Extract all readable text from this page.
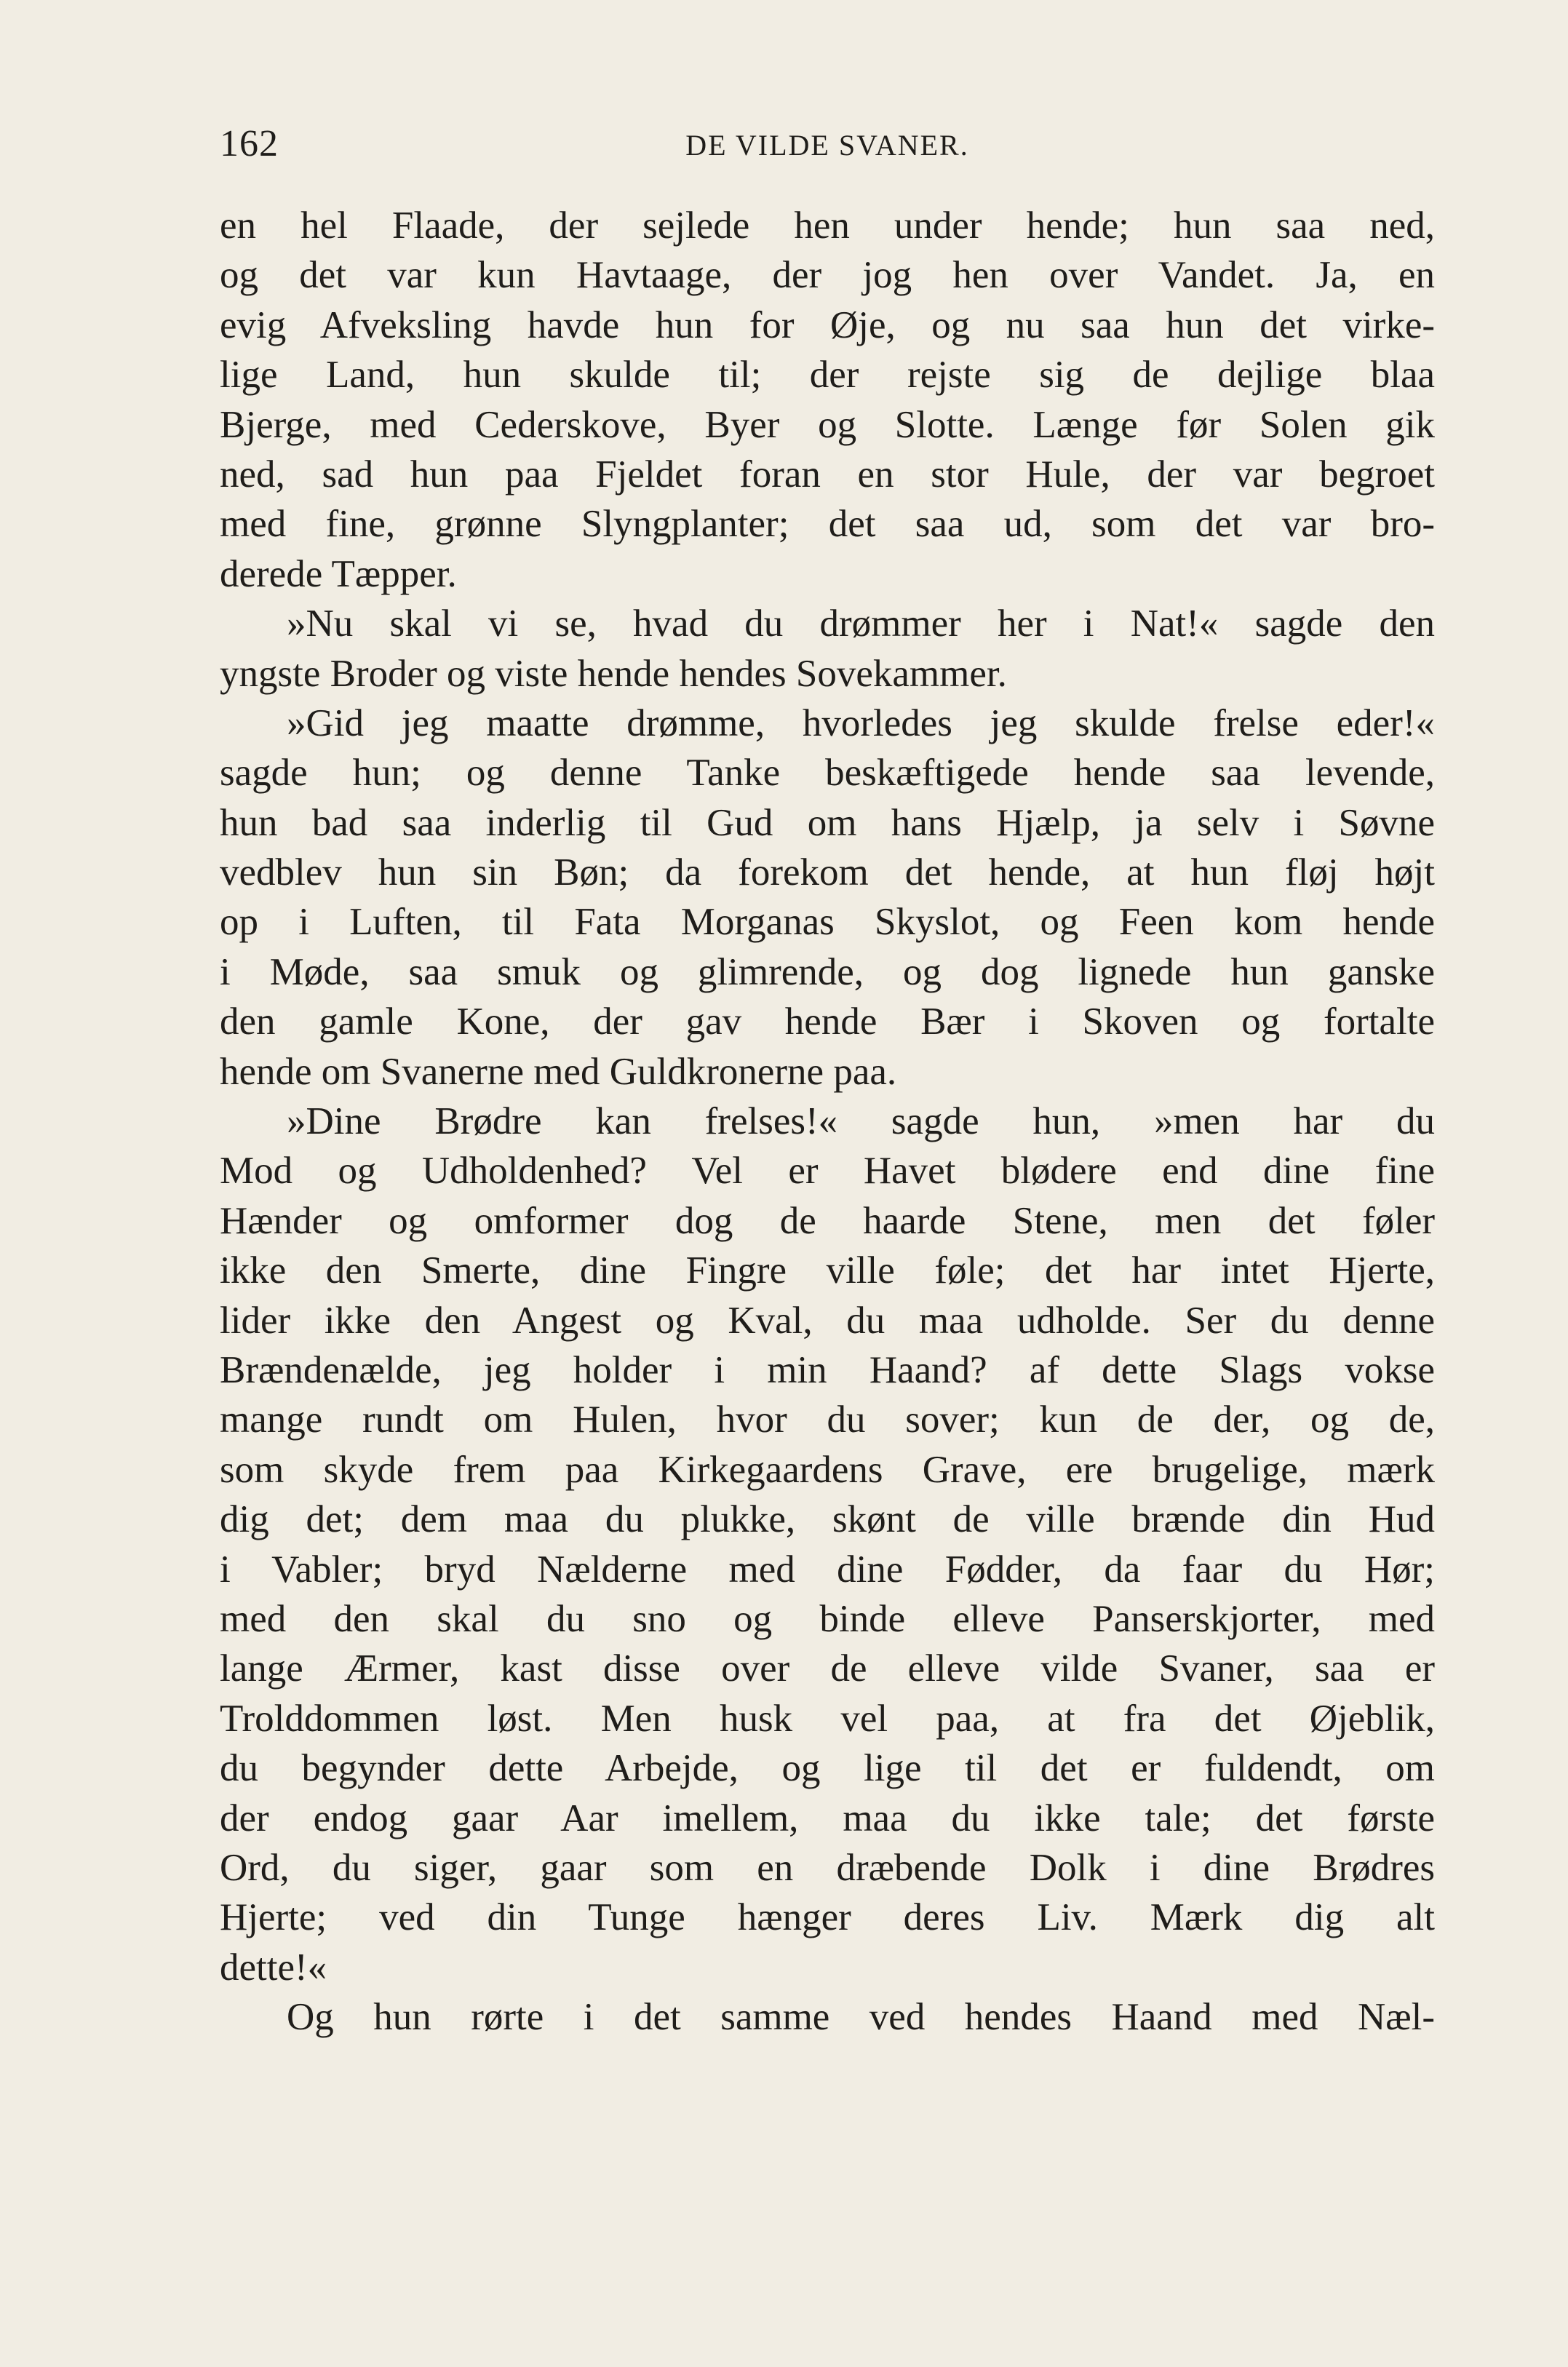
162	DE VILDE SVANER.
en hel Flaade, der sejlede hen under hende; hun saa ned,
og det var kun Havtaage, der jog hen over Vandet. Ja, en
evig Afveksling havde hun for Øje, og nu saa hun det virke-
lige Land, hun skulde til; der rejste sig de dejlige blaa
Bjerge, med Cederskove, Byer og Slotte. Længe før Solen gik
ned, sad hun paa Fjeldet foran en stor Hule, der var begroet
med fine, grønne Slyngplanter; det saa ud, som det var bro-
derede Tæpper.
»Nu skal vi se, hvad du drømmer her i Nat!« sagde den
yngste Broder og viste hende hendes Sovekammer.
»Gid jeg maatte drømme, hvorledes jeg skulde frelse eder!«
sagde hun; og denne Tanke beskæftigede hende saa levende,
hun bad saa inderlig til Gud om hans Hjælp, ja selv i Søvne
vedblev hun sin Bøn; da forekom det hende, at hun fløj højt
op i Luften, til Fata Morganas Skyslot, og Feen kom hende
i Møde, saa smuk og glimrende, og dog lignede hun ganske
den gamle Kone, der gav hende Bær i Skoven og fortalte
hende om Svanerne med Guldkronerne paa.
»Dine Brødre kan frelses!« sagde hun, »men har du
Mod og Udholdenhed? Vel er Havet blødere end dine fine
Hænder og omformer dog de haarde Stene, men det føler
ikke den Smerte, dine Fingre ville føle; det har intet Hjerte,
lider ikke den Angest og Kval, du maa udholde. Ser du denne
Brændenælde, jeg holder i min Haand? af dette Slags vokse
mange rundt om Hulen, hvor du sover; kun de der, og de,
som skyde frem paa Kirkegaardens Grave, ere brugelige, mærk
dig det; dem maa du plukke, skønt de ville brænde din Hud
i Vabler; bryd Nælderne med dine Fødder, da faar du Hør;
med den skal du sno og binde elleve Panserskjorter, med
lange Ærmer, kast disse over de elleve vilde Svaner, saa er
Trolddommen løst. Men husk vel paa, at fra det Øjeblik,
du begynder dette Arbejde, og lige til det er fuldendt, om
der endog gaar Aar imellem, maa du ikke tale; det første
Ord, du siger, gaar som en dræbende Dolk i dine Brødres
Hjerte; ved din Tunge hænger deres Liv. Mærk dig alt
dette!«
Og hun rørte i det samme ved hendes Haand med Næl-
